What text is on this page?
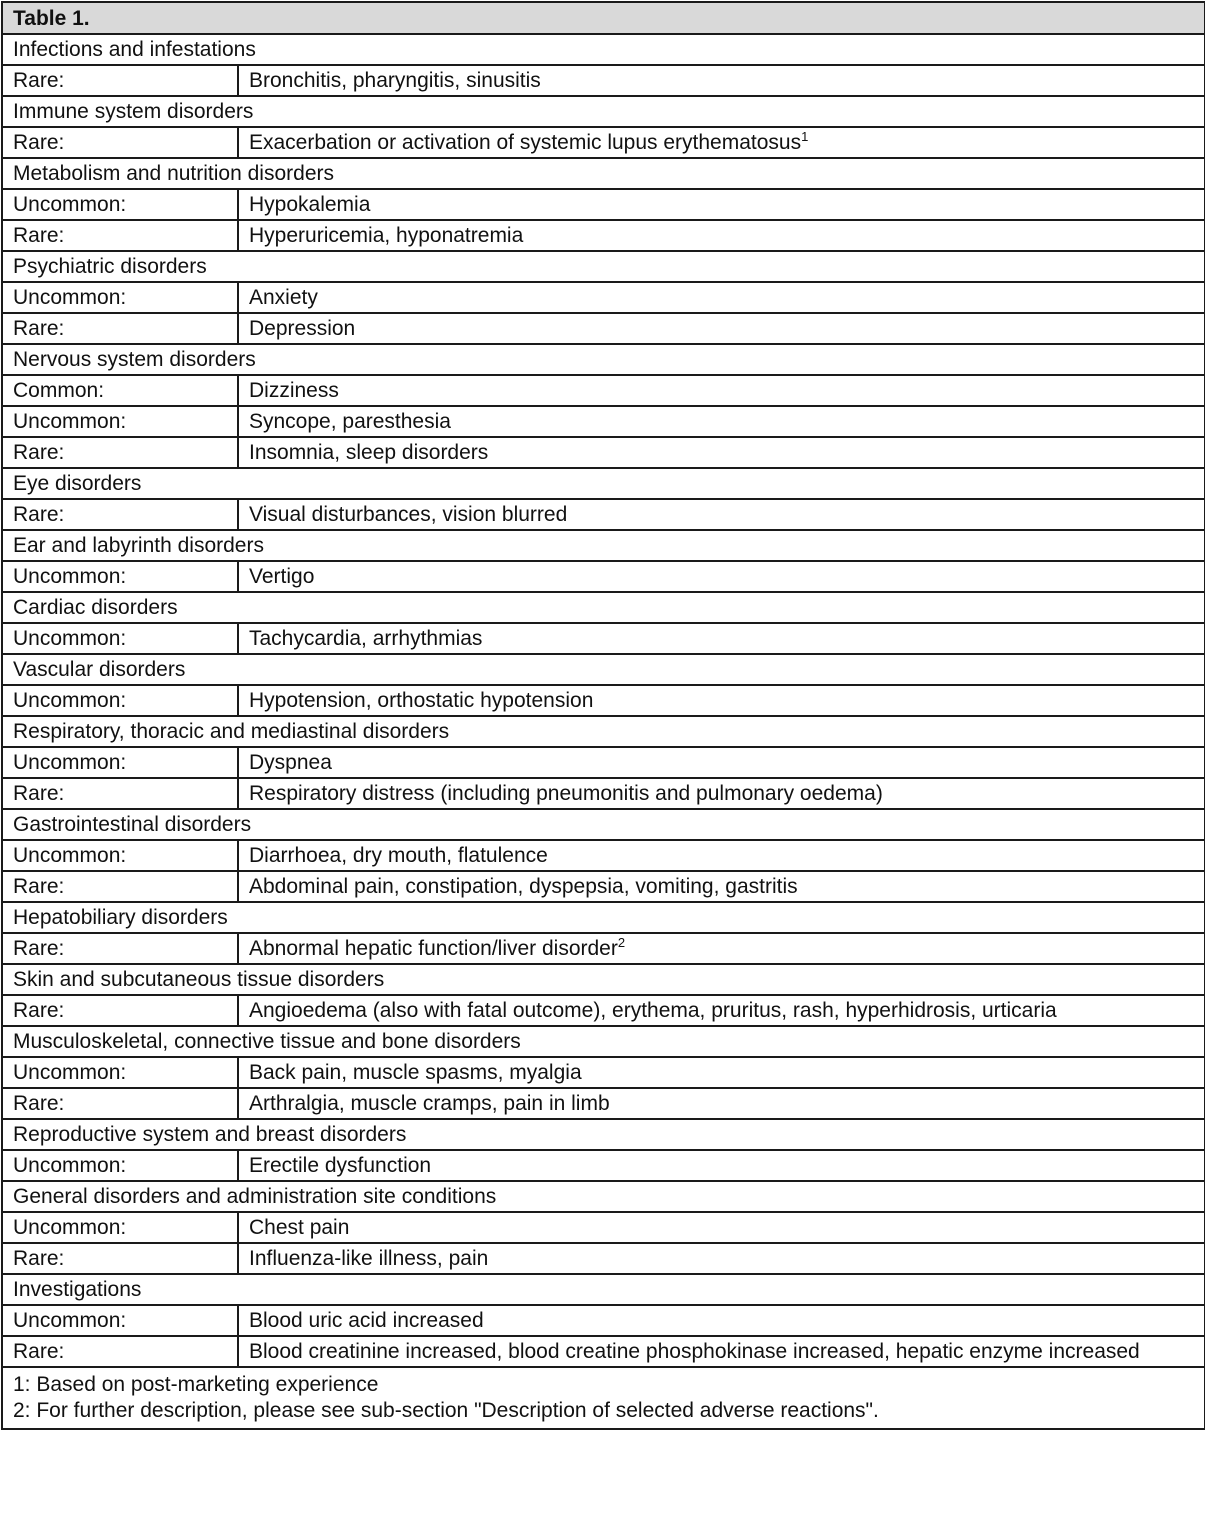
Table 1.	
Infections and infestations	
Rare:	Bronchitis, pharyngitis, sinusitis
Immune system disorders	
Rare:	Exacerbation or activation of systemic lupus erythematosus$^1$
Metabolism and nutrition disorders	
Uncommon:	Hypokalemia
Rare:	Hyperuricemia, hyponatremia
Psychiatric disorders	
Uncommon:	Anxiety
Rare:	Depression
Nervous system disorders	
Common:	Dizziness
Uncommon:	Syncope, paresthesia
Rare:	Insomnia, sleep disorders
Eye disorders	
Rare:	Visual disturbances, vision blurred
Ear and labyrinth disorders	
Uncommon:	Vertigo
Cardiac disorders	
Uncommon:	Tachycardia, arrhythmias
Vascular disorders	
Uncommon:	Hypotension, orthostatic hypotension
Respiratory, thoracic and mediastinal disorders	
Uncommon:	Dyspnea
Rare:	Respiratory distress (including pneumonitis and pulmonary oedema)
Gastrointestinal disorders	
Uncommon:	Diarrhoea, dry mouth, flatulence
Rare:	Abdominal pain, constipation, dyspepsia, vomiting, gastritis
Hepatobiliary disorders	
Rare:	Abnormal hepatic function/liver disorder$^2$
Skin and subcutaneous tissue disorders	
Rare:	Angioedema (also with fatal outcome), erythema, pruritus, rash, hyperhidrosis, urticaria
Musculoskeletal, connective tissue and bone disorders	
Uncommon:	Back pain, muscle spasms, myalgia
Rare:	Arthralgia, muscle cramps, pain in limb
Reproductive system and breast disorders	
Uncommon:	Erectile dysfunction
General disorders and administration site conditions	
Uncommon:	Chest pain
Rare:	Influenza-like illness, pain
Investigations	
Uncommon:	Blood uric acid increased
Rare:	Blood creatinine increased, blood creatine phosphokinase increased, hepatic enzyme increased

1: Based on post-marketing experience
2: For further description, please see sub-section "Description of selected adverse reactions".	
